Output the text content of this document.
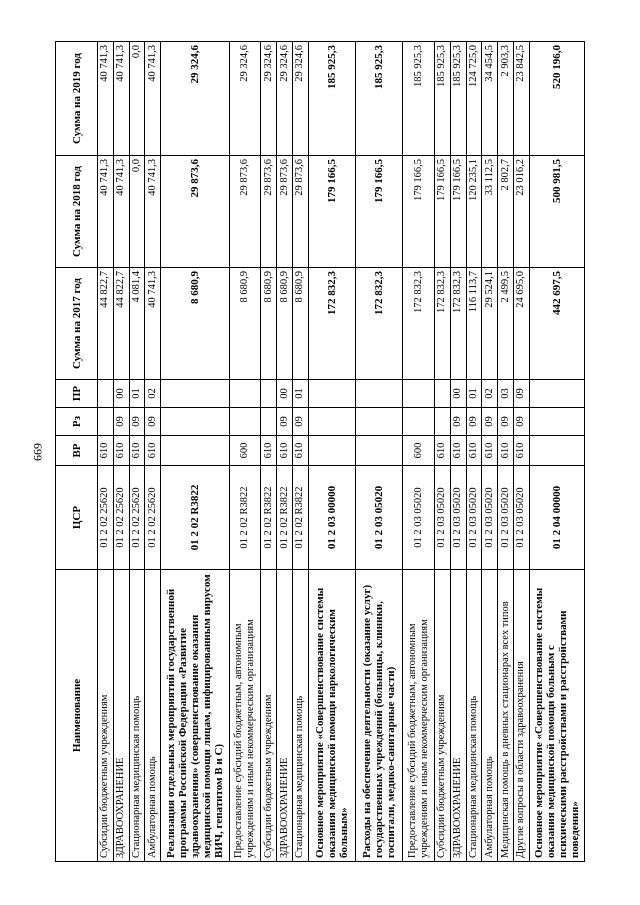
669
Наименование	ЦСР	ВР	Рз	ПР	Сумма на 2017 год	Сумма на 2018 год	Сумма на 2019 год
Субсидии бюджетным учреждениям	01 2 02 25620	610			44 822,7	40 741,3	40 741,3
ЗДРАВООХРАНЕНИЕ	01 2 02 25620	610	09	00	44 822,7	40 741,3	40 741,3
Стационарная медицинская помощь	01 2 02 25620	610	09	01	4 081,4	0,0	0,0
Амбулаторная помощь	01 2 02 25620	610	09	02	40 741,3	40 741,3	40 741,3
Реализация отдельных мероприятий государственной программы Российской Федерации «Развитие здравоохранения» (совершенствование оказания медицинской помощи лицам, инфицированным вирусом ВИЧ, гепатитом В и С)	01 2 02 R3822				8 680,9	29 873,6	29 324,6
Предоставление субсидий бюджетным, автономным учреждениям и иным некоммерческим организациям	01 2 02 R3822	600			8 680,9	29 873,6	29 324,6
Субсидии бюджетным учреждениям	01 2 02 R3822	610			8 680,9	29 873,6	29 324,6
ЗДРАВООХРАНЕНИЕ	01 2 02 R3822	610	09	00	8 680,9	29 873,6	29 324,6
Стационарная медицинская помощь	01 2 02 R3822	610	09	01	8 680,9	29 873,6	29 324,6
Основное мероприятие «Совершенствование системы оказания медицинской помощи наркологическим больным»	01 2 03 00000				172 832,3	179 166,5	185 925,3
Расходы на обеспечение деятельности (оказание услуг) государственных учреждений (больницы, клиники, госпитали, медико-санитарные части)	01 2 03 05020				172 832,3	179 166,5	185 925,3
Предоставление субсидий бюджетным, автономным учреждениям и иным некоммерческим организациям	01 2 03 05020	600			172 832,3	179 166,5	185 925,3
Субсидии бюджетным учреждениям	01 2 03 05020	610			172 832,3	179 166,5	185 925,3
ЗДРАВООХРАНЕНИЕ	01 2 03 05020	610	09	00	172 832,3	179 166,5	185 925,3
Стационарная медицинская помощь	01 2 03 05020	610	09	01	116 113,7	120 235,1	124 725,0
Амбулаторная помощь	01 2 03 05020	610	09	02	29 524,1	33 112,5	34 454,5
Медицинская помощь в дневных стационарах всех типов	01 2 03 05020	610	09	03	2 499,5	2 802,7	2 903,3
Другие вопросы в области здравоохранения	01 2 03 05020	610	09	09	24 695,0	23 016,2	23 842,5
Основное мероприятие «Совершенствование системы оказания медицинской помощи больным с психическими расстройствами и расстройствами поведения»	01 2 04 00000				442 697,5	500 981,5	520 196,0
